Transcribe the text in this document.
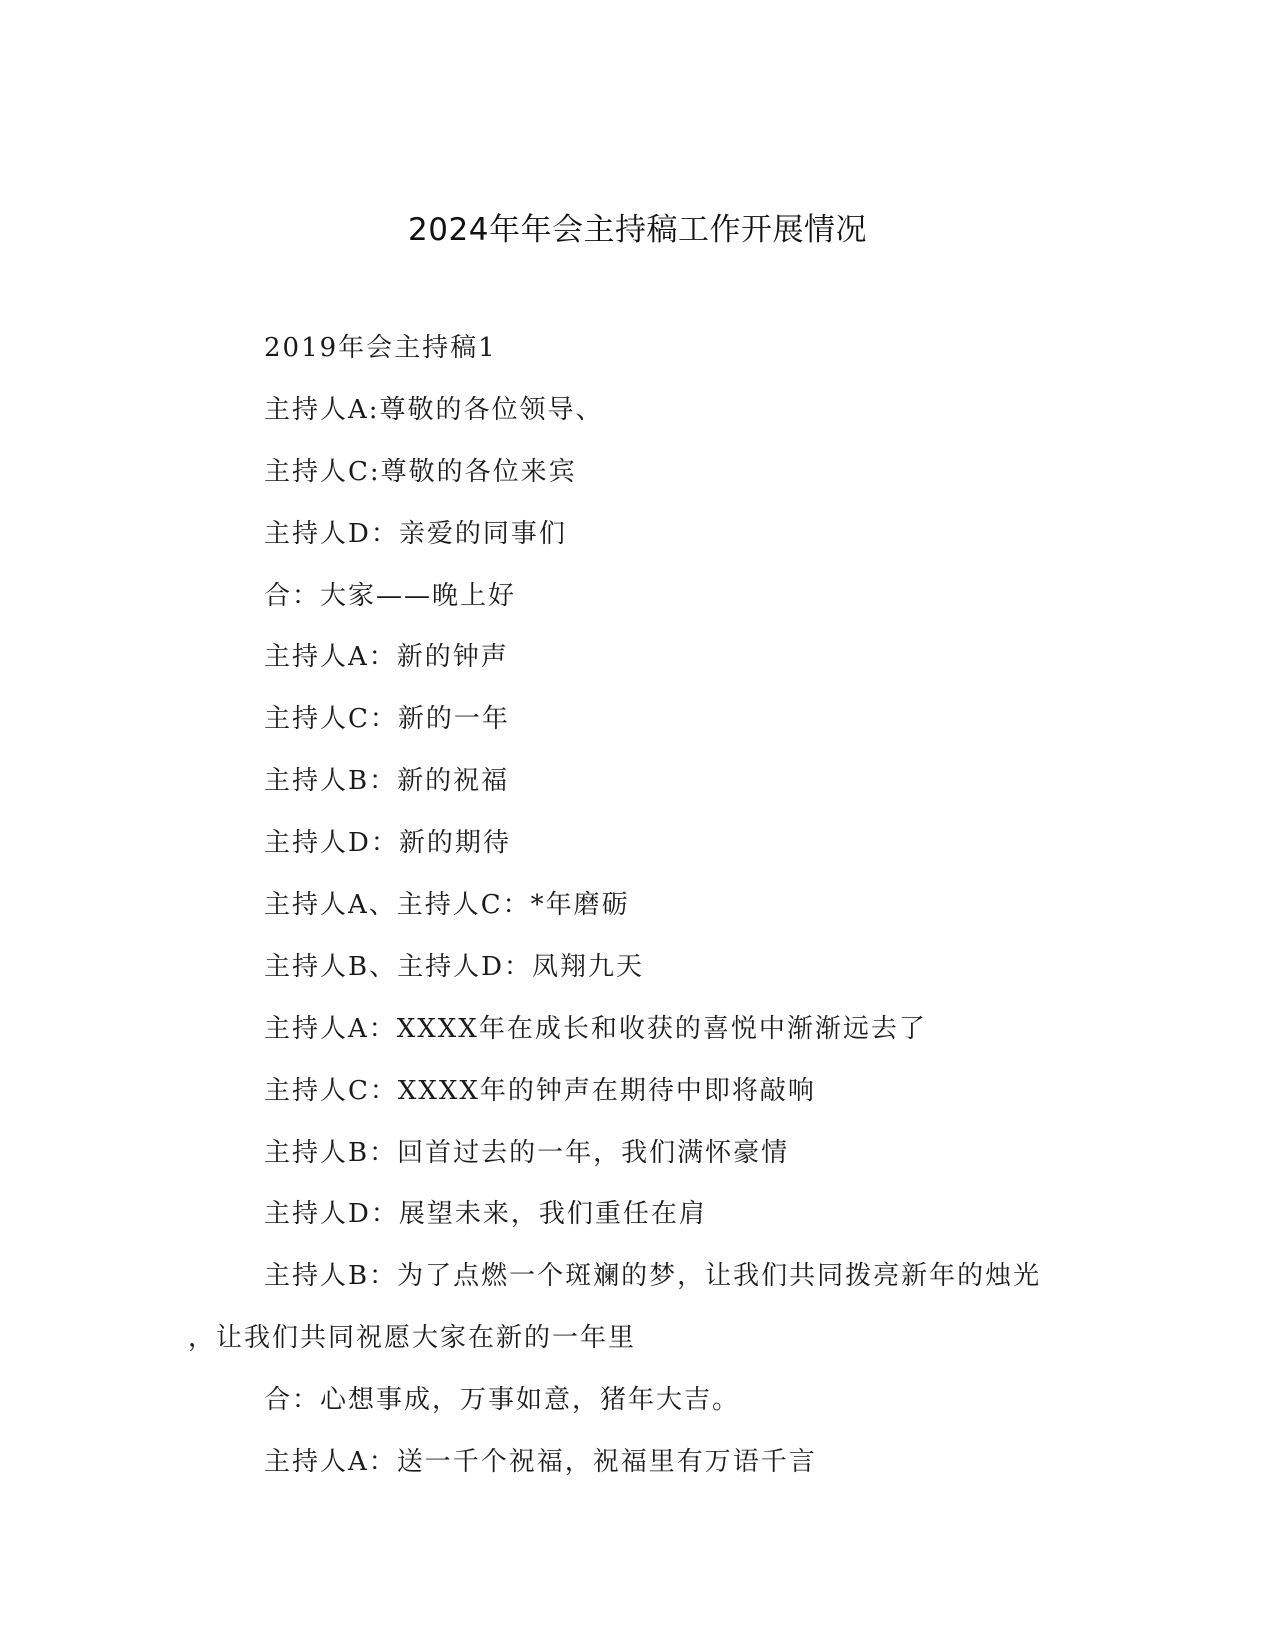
2024年年会主持稿工作开展情况
2019年会主持稿1
主持人A:尊敬的各位领导、
主持人C:尊敬的各位来宾
主持人D：亲爱的同事们
合：大家——晚上好
主持人A：新的钟声
主持人C：新的一年
主持人B：新的祝福
主持人D：新的期待
主持人A、主持人C：*年磨砺
主持人B、主持人D：凤翔九天
主持人A：XXXX年在成长和收获的喜悦中渐渐远去了
主持人C：XXXX年的钟声在期待中即将敲响
主持人B：回首过去的一年，我们满怀豪情
主持人D：展望未来，我们重任在肩
主持人B：为了点燃一个斑斓的梦，让我们共同拨亮新年的烛光
，让我们共同祝愿大家在新的一年里
合：心想事成，万事如意，猪年大吉。
主持人A：送一千个祝福，祝福里有万语千言
